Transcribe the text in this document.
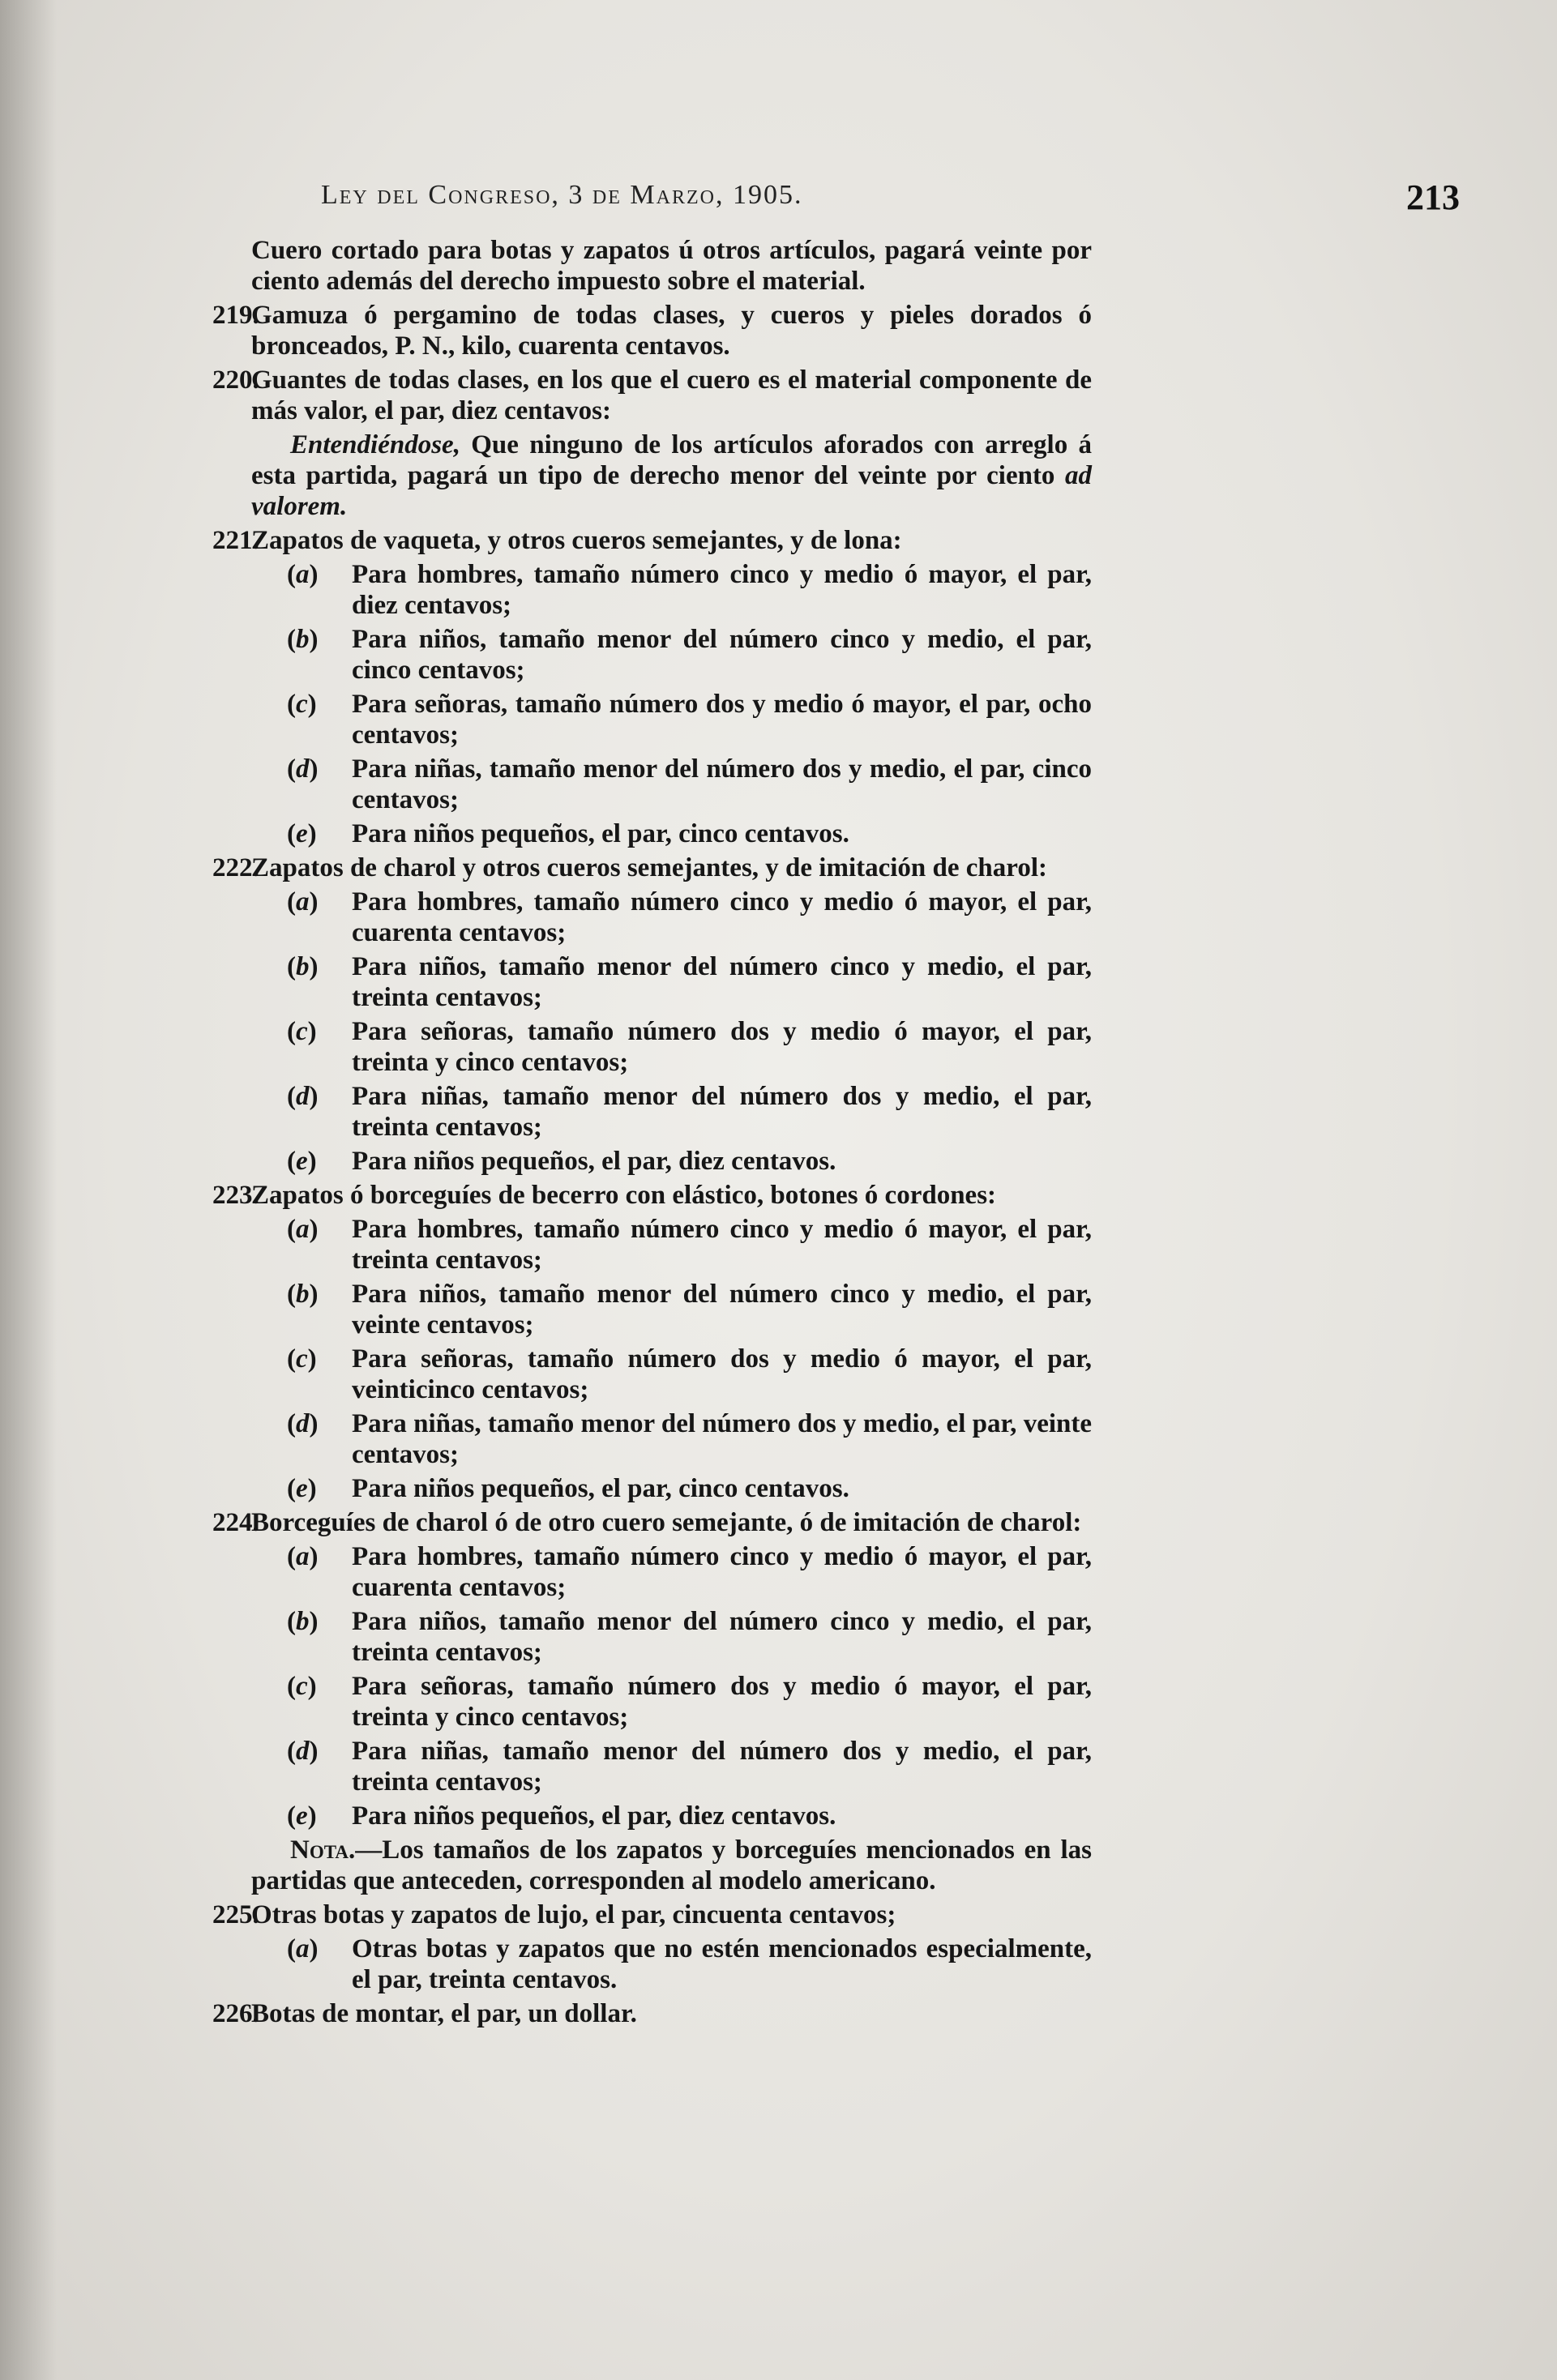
Ley del Congreso, 3 de Marzo, 1905.	213

Cuero cortado para botas y zapatos ú otros artículos, pagará veinte por ciento además del derecho impuesto sobre el material.

219.
Gamuza ó pergamino de todas clases, y cueros y pieles dorados ó bronceados, P. N., kilo, cuarenta centavos.
220.
Guantes de todas clases, en los que el cuero es el material componente de más valor, el par, diez centavos:
Entendiéndose, Que ninguno de los artículos aforados con arreglo á esta partida, pagará un tipo de derecho menor del veinte por ciento ad valorem.
221.
Zapatos de vaqueta, y otros cueros semejantes, y de lona:
(a)	Para hombres, tamaño número cinco y medio ó mayor, el par, diez centavos;
(b)	Para niños, tamaño menor del número cinco y medio, el par, cinco centavos;
(c)	Para señoras, tamaño número dos y medio ó mayor, el par, ocho centavos;
(d)	Para niñas, tamaño menor del número dos y medio, el par, cinco centavos;
(e)	Para niños pequeños, el par, cinco centavos.
222.
Zapatos de charol y otros cueros semejantes, y de imitación de charol:
(a)	Para hombres, tamaño número cinco y medio ó mayor, el par, cuarenta centavos;
(b)	Para niños, tamaño menor del número cinco y medio, el par, treinta centavos;
(c)	Para señoras, tamaño número dos y medio ó mayor, el par, treinta y cinco centavos;
(d)	Para niñas, tamaño menor del número dos y medio, el par, treinta centavos;
(e)	Para niños pequeños, el par, diez centavos.
223.
Zapatos ó borceguíes de becerro con elástico, botones ó cordones:
(a)	Para hombres, tamaño número cinco y medio ó mayor, el par, treinta centavos;
(b)	Para niños, tamaño menor del número cinco y medio, el par, veinte centavos;
(c)	Para señoras, tamaño número dos y medio ó mayor, el par, veinticinco centavos;
(d)	Para niñas, tamaño menor del número dos y medio, el par, veinte centavos;
(e)	Para niños pequeños, el par, cinco centavos.
224.
Borceguíes de charol ó de otro cuero semejante, ó de imitación de charol:
(a)	Para hombres, tamaño número cinco y medio ó mayor, el par, cuarenta centavos;
(b)	Para niños, tamaño menor del número cinco y medio, el par, treinta centavos;
(c)	Para señoras, tamaño número dos y medio ó mayor, el par, treinta y cinco centavos;
(d)	Para niñas, tamaño menor del número dos y medio, el par, treinta centavos;
(e)	Para niños pequeños, el par, diez centavos.
Nota.—Los tamaños de los zapatos y borceguíes mencionados en las partidas que anteceden, corresponden al modelo americano.
225.
Otras botas y zapatos de lujo, el par, cincuenta centavos;
(a)	Otras botas y zapatos que no estén mencionados especialmente, el par, treinta centavos.
226.
Botas de montar, el par, un dollar.
